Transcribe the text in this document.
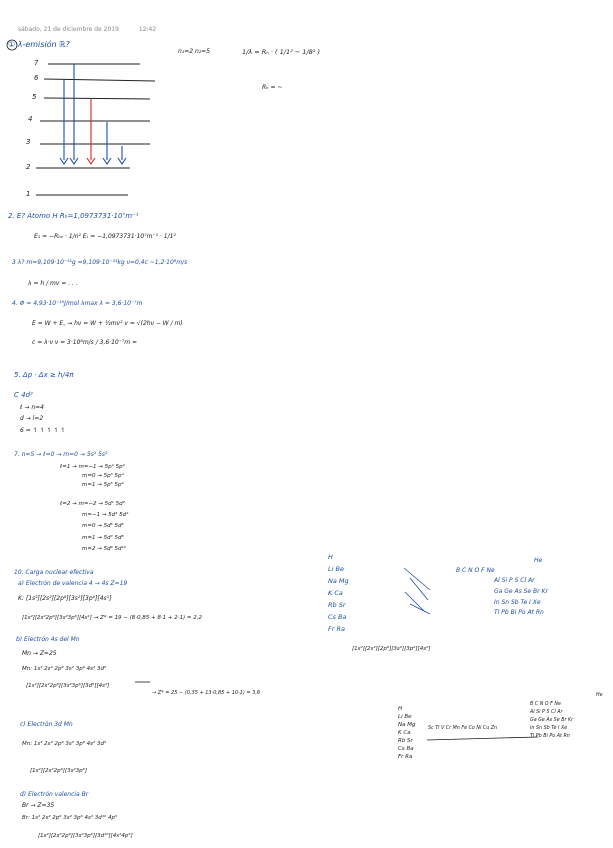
sábado, 21 de diciembre de 2019	12:42
① λ-emisión ℝ?
7
6
5
4
3
2
1
n₁=2 n₂=5	1/λ = Rₕ · ( 1/1² − 1/8² )
Rₕ = ~
2. E? Átomo H Rₕ=1,0973731·10⁷m⁻¹
E₁ = −Rₕₑ · 1/n² Eₜ = −1,0973731·10⁷m⁻¹ · 1/1²
3 λ? m=9,109·10⁻³¹g =9,109·10⁻³¹kg ν=0,4c ~1,2·10⁸m/s
λ = h / mv = . . .
4. Φ = 4,93·10⁻¹⁹J/mol λmax λ = 3,6·10⁻⁷m
E = W + E꜀ → hν = W + ½mv² v = √(2hν − W / m)
c = λ·ν ν = 3·10⁸m/s / 3,6·10⁻⁷m =
5. Δp · Δx ≥ h/4π
C 4d²
ℓ → n=4
d → l=2
6 = ↿ ↿ ↿ ↿ ↿
7. n=5 → ℓ=0 → m=0 → 5s¹ 5s²
ℓ=1 → m=−1 → 5p¹ 5p²
m=0 → 5p³ 5p⁴
m=1 → 5p⁵ 5p⁶
ℓ=2 → m=−2 → 5d¹ 5d²
m=−1 → 5d³ 5d⁴
m=0 → 5d⁵ 5d⁶
m=1 → 5d⁷ 5d⁸
m=2 → 5d⁹ 5d¹⁰
10. Carga nuclear efectiva
a) Electrón de valencia 4 → 4s Z=19
K: [1s²][2s²][2p⁶][3s²][3p⁶][4s¹]
[1s²][2s²2p⁶][3s²3p⁶][4s¹] → Z* = 19 − (8·0,85 + 8·1 + 2·1) = 2,2
b) Electrón 4s del Mn
Mn → Z=25
Mn: 1s² 2s² 2p⁶ 3s² 3p⁶ 4s² 3d⁵
[1s²][2s²2p⁶][3s²3p⁶][3d⁵][4s²]
→ Z* = 25 − (0,35 + 13·0,85 + 10·1) = 3,6
c) Electrón 3d Mn
Mn: 1s² 2s² 2p⁶ 3s² 3p⁶ 4s² 3d⁵
[1s²][2s²2p⁶][3s²3p⁶]
d) Electrón valencia Br
Br → Z=35
Br: 1s² 2s² 2p⁶ 3s² 3p⁶ 4s² 3d¹⁰ 4p⁵
[1s²][2s²2p⁶][3s²3p⁶][3d¹⁰][4s²4p⁵]
H
Li Be
Na Mg
K Ca
Rb Sr
Cs Ba
Fr Ra
He
B C N O F Ne
Al Si P S Cl Ar
Ga Ge As Se Br Kr
In Sn Sb Te I Xe
Tl Pb Bi Po At Rn
[1s²][2s²][2p⁶][3s²][3p⁶][4s²]
H
Li Be
Na Mg
K Ca
Rb Sr
Cs Ba
Fr Ra
Sc Ti V Cr Mn Fe Co Ni Cu Zn
He
B C N O F Ne
Al Si P S Cl Ar
Ga Ge As Se Br Kr
In Sn Sb Te I Xe
Tl Pb Bi Po At Rn
